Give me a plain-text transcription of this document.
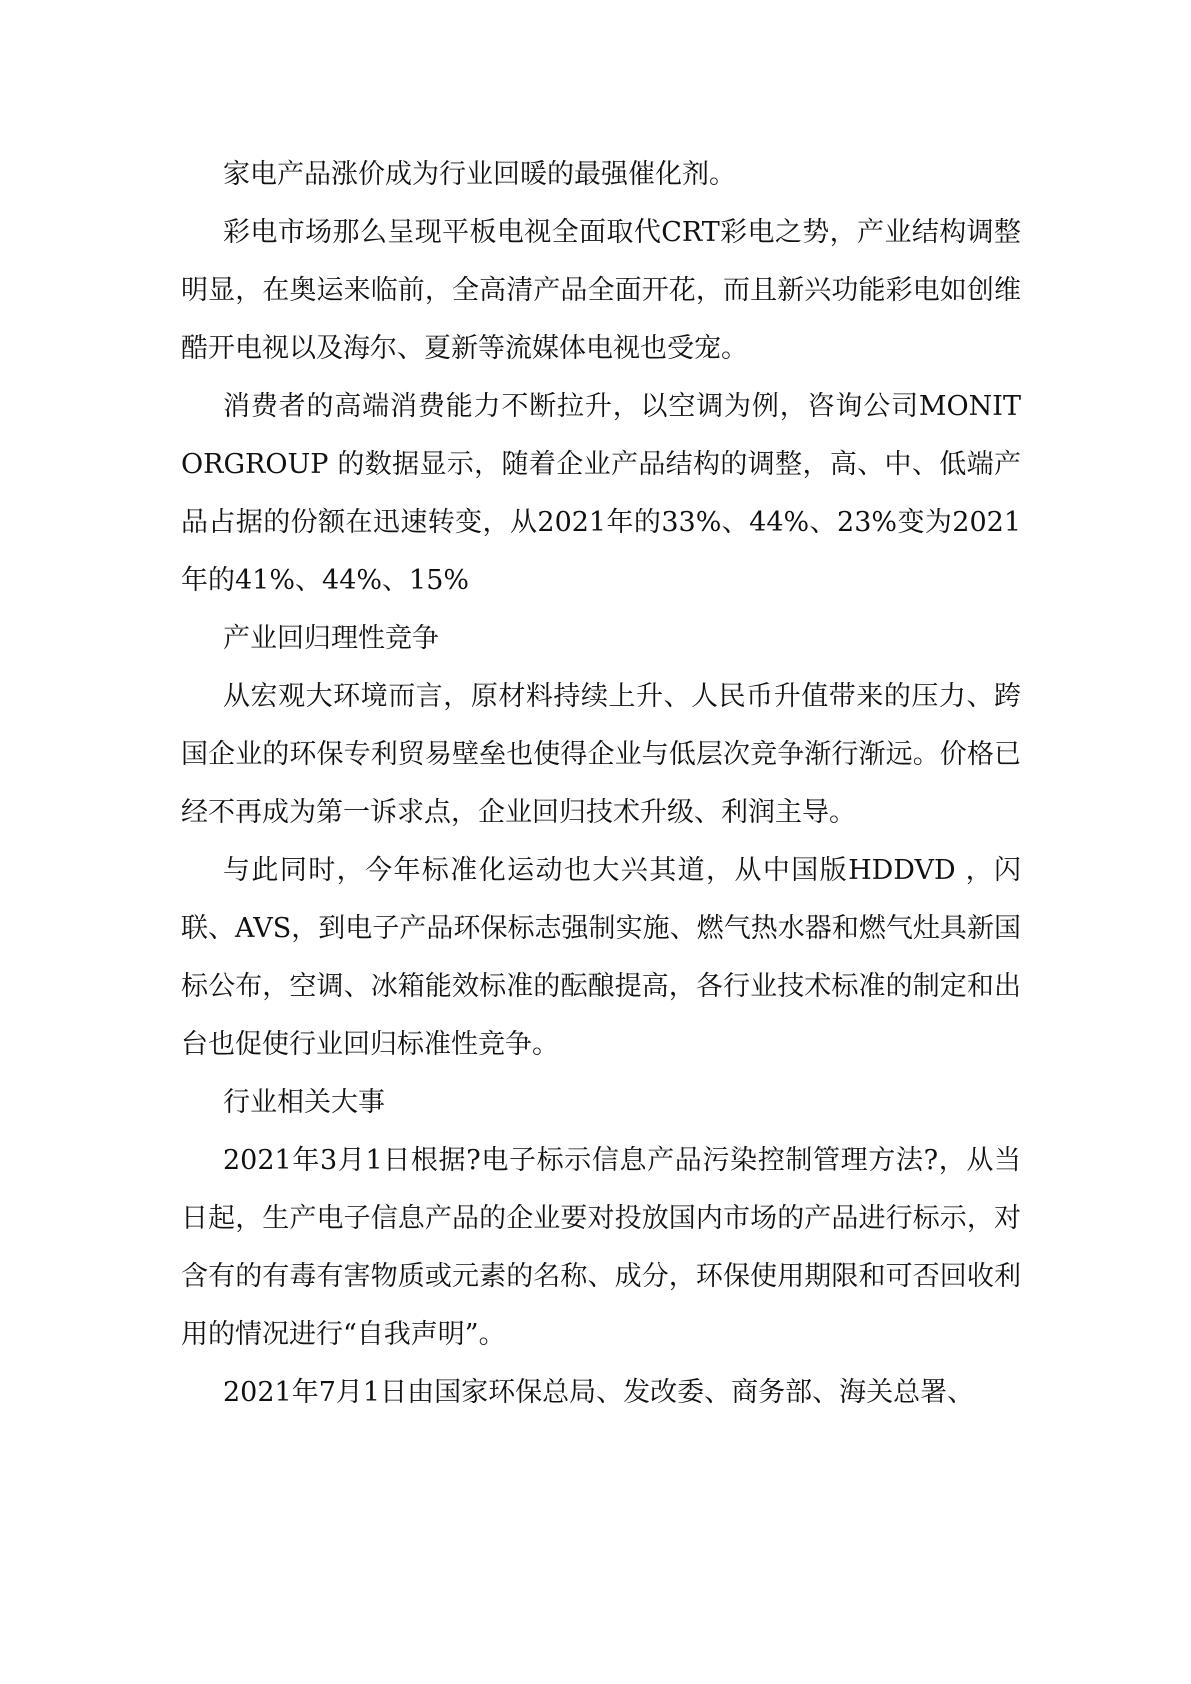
家电产品涨价成为行业回暖的最强催化剂。

彩电市场那么呈现平板电视全面取代CRT彩电之势，产业结构调整明显，在奥运来临前，全高清产品全面开花，而且新兴功能彩电如创维酷开电视以及海尔、夏新等流媒体电视也受宠。

消费者的高端消费能力不断拉升，以空调为例，咨询公司MONITORGROUP 的数据显示，随着企业产品结构的调整，高、中、低端产品占据的份额在迅速转变，从2021年的33%、44%、23%变为2021年的41%、44%、15%

产业回归理性竞争

从宏观大环境而言，原材料持续上升、人民币升值带来的压力、跨国企业的环保专利贸易壁垒也使得企业与低层次竞争渐行渐远。价格已经不再成为第一诉求点，企业回归技术升级、利润主导。

与此同时，今年标准化运动也大兴其道，从中国版HDDVD ，闪联、AVS，到电子产品环保标志强制实施、燃气热水器和燃气灶具新国标公布，空调、冰箱能效标准的酝酿提高，各行业技术标准的制定和出台也促使行业回归标准性竞争。

行业相关大事

2021年3月1日根据?电子标示信息产品污染控制管理方法?，从当日起，生产电子信息产品的企业要对投放国内市场的产品进行标示，对含有的有毒有害物质或元素的名称、成分，环保使用期限和可否回收利用的情况进行“自我声明”。

2021年7月1日由国家环保总局、发改委、商务部、海关总署、
